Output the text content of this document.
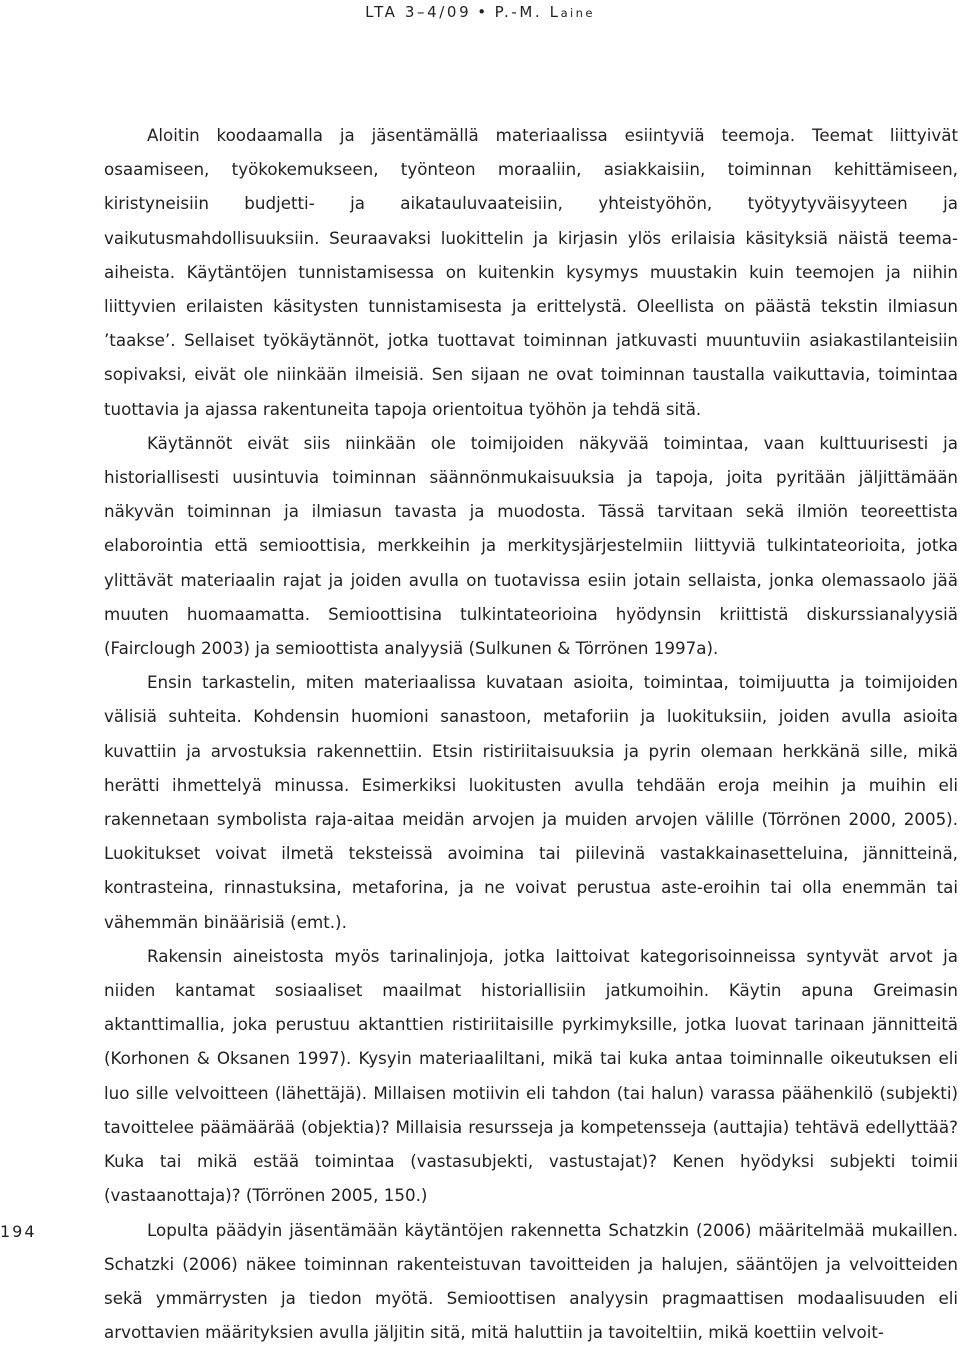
LTA 3–4/09 • P.-M. Laine

Aloitin koodaamalla ja jäsentämällä materiaalissa esiintyviä teemoja. Teemat liittyivät osaamiseen, työkokemukseen, työnteon moraaliin, asiakkaisiin, toiminnan kehittämiseen, kiristyneisiin budjetti- ja aikatauluvaateisiin, yhteistyöhön, työtyytyväisyyteen ja vaikutusmahdollisuuksiin. Seuraavaksi luokittelin ja kirjasin ylös erilaisia käsityksiä näistä teema-aiheista. Käytäntöjen tunnistamisessa on kuitenkin kysymys muustakin kuin teemojen ja niihin liittyvien erilaisten käsitysten tunnistamisesta ja erittelystä. Oleellista on päästä tekstin ilmiasun ’taakse’. Sellaiset työkäytännöt, jotka tuottavat toiminnan jatkuvasti muuntuviin asiakastilanteisiin sopivaksi, eivät ole niinkään ilmeisiä. Sen sijaan ne ovat toiminnan taustalla vaikuttavia, toimintaa tuottavia ja ajassa rakentuneita tapoja orientoitua työhön ja tehdä sitä.

Käytännöt eivät siis niinkään ole toimijoiden näkyvää toimintaa, vaan kulttuurisesti ja historiallisesti uusintuvia toiminnan säännönmukaisuuksia ja tapoja, joita pyritään jäljittämään näkyvän toiminnan ja ilmiasun tavasta ja muodosta. Tässä tarvitaan sekä ilmiön teoreettista elaborointia että semioottisia, merkkeihin ja merkitysjärjestelmiin liittyviä tulkintateorioita, jotka ylittävät materiaalin rajat ja joiden avulla on tuotavissa esiin jotain sellaista, jonka olemassaolo jää muuten huomaamatta. Semioottisina tulkintateorioina hyödynsin kriittistä diskurssianalyysiä (Fairclough 2003) ja semioottista analyysiä (Sulkunen & Törrönen 1997a).

Ensin tarkastelin, miten materiaalissa kuvataan asioita, toimintaa, toimijuutta ja toimijoiden välisiä suhteita. Kohdensin huomioni sanastoon, metaforiin ja luokituksiin, joiden avulla asioita kuvattiin ja arvostuksia rakennettiin. Etsin ristiriitaisuuksia ja pyrin olemaan herkkänä sille, mikä herätti ihmettelyä minussa. Esimerkiksi luokitusten avulla tehdään eroja meihin ja muihin eli rakennetaan symbolista raja-aitaa meidän arvojen ja muiden arvojen välille (Törrönen 2000, 2005). Luokitukset voivat ilmetä teksteissä avoimina tai piilevinä vastakkainasetteluina, jännitteinä, kontrasteina, rinnastuksina, metaforina, ja ne voivat perustua aste-eroihin tai olla enemmän tai vähemmän binäärisiä (emt.).

Rakensin aineistosta myös tarinalinjoja, jotka laittoivat kategorisoinneissa syntyvät arvot ja niiden kantamat sosiaaliset maailmat historiallisiin jatkumoihin. Käytin apuna Greimasin aktanttimallia, joka perustuu aktanttien ristiriitaisille pyrkimyksille, jotka luovat tarinaan jännitteitä (Korhonen & Oksanen 1997). Kysyin materiaaliltani, mikä tai kuka antaa toiminnalle oikeutuksen eli luo sille velvoitteen (lähettäjä). Millaisen motiivin eli tahdon (tai halun) varassa päähenkilö (subjekti) tavoittelee päämäärää (objektia)? Millaisia resursseja ja kompetensseja (auttajia) tehtävä edellyttää? Kuka tai mikä estää toimintaa (vastasubjekti, vastustajat)? Kenen hyödyksi subjekti toimii (vastaanottaja)? (Törrönen 2005, 150.)

Lopulta päädyin jäsentämään käytäntöjen rakennetta Schatzkin (2006) määritelmää mukaillen. Schatzki (2006) näkee toiminnan rakenteistuvan tavoitteiden ja halujen, sääntöjen ja velvoitteiden sekä ymmärrysten ja tiedon myötä. Semioottisen analyysin pragmaattisen modaalisuuden eli arvottavien määrityksien avulla jäljitin sitä, mitä haluttiin ja tavoiteltiin, mikä koettiin velvoit-

194
